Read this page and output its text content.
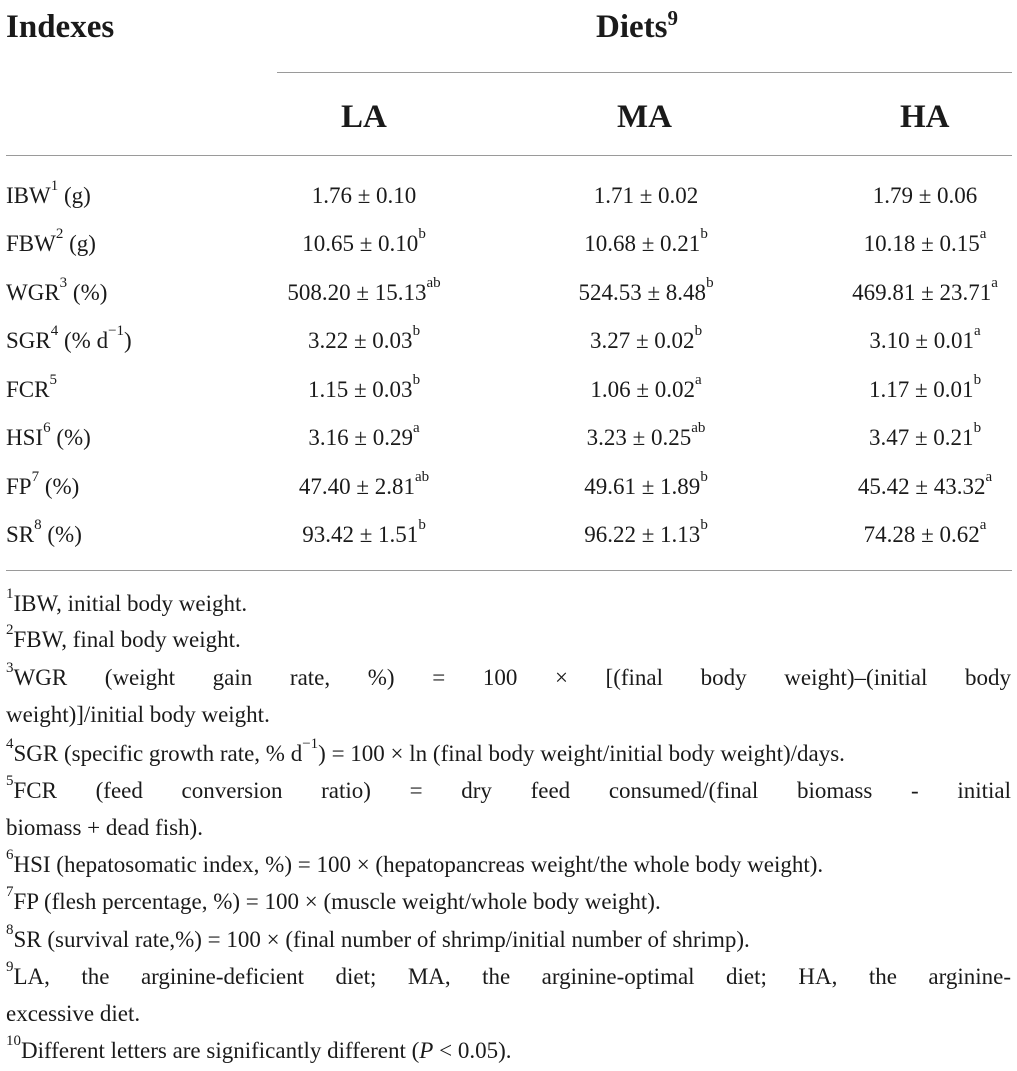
Indexes	Diets$^9$
LA	MA	HA
IBW$^1$ (g)	1.76 ± 0.10	1.71 ± 0.02	1.79 ± 0.06
FBW$^2$ (g)	10.65 ± 0.10$^b$	10.68 ± 0.21$^b$	10.18 ± 0.15$^a$
WGR$^3$ (%)	508.20 ± 15.13$^{ab}$	524.53 ± 8.48$^b$	469.81 ± 23.71$^a$
SGR$^4$ (% $d^{-1}$)	3.22 ± 0.03$^b$	3.27 ± 0.02$^b$	3.10 ± 0.01$^a$
FCR$^5$	1.15 ± 0.03$^b$	1.06 ± 0.02$^a$	1.17 ± 0.01$^b$
HSI$^6$ (%)	3.16 ± 0.29$^a$	3.23 ± 0.25$^{ab}$	3.47 ± 0.21$^b$
$FP^7$ (%)	47.40 ± 2.81$^{ab}$	49.61 ± 1.89$^b$	45.42 ± 43.32$^a$
$SR^8$ (%)	93.42 ± 1.51$^b$	96.22 ± 1.13$^b$	74.28 ± 0.62$^a$
$^1$IBW, initial body weight.
$^2$FBW, final body weight.
$^3$WGR (weight gain rate, %) = 100 × [(final body weight)–(initial body
weight)]/initial body weight.
$^4$SGR (specific growth rate, % $d^{-1}) = 100 \times \ln$ (final body weight/initial body weight)/days.
$^5$FCR (feed conversion ratio) = dry feed consumed/(final biomass - initial
biomass + dead fish).
$^6$HSI (hepatosomatic index, %) = 100 × (hepatopancreas weight/the whole body weight).
$^7$FP (flesh percentage, %) = 100 × (muscle weight/whole body weight).
$^8$SR (survival rate,%) = 100 × (final number of shrimp/initial number of shrimp).
$^9$LA, the arginine-deficient diet; MA, the arginine-optimal diet; HA, the arginine-
excessive diet.
$^{10}$Different letters are significantly different (P < 0.05).
